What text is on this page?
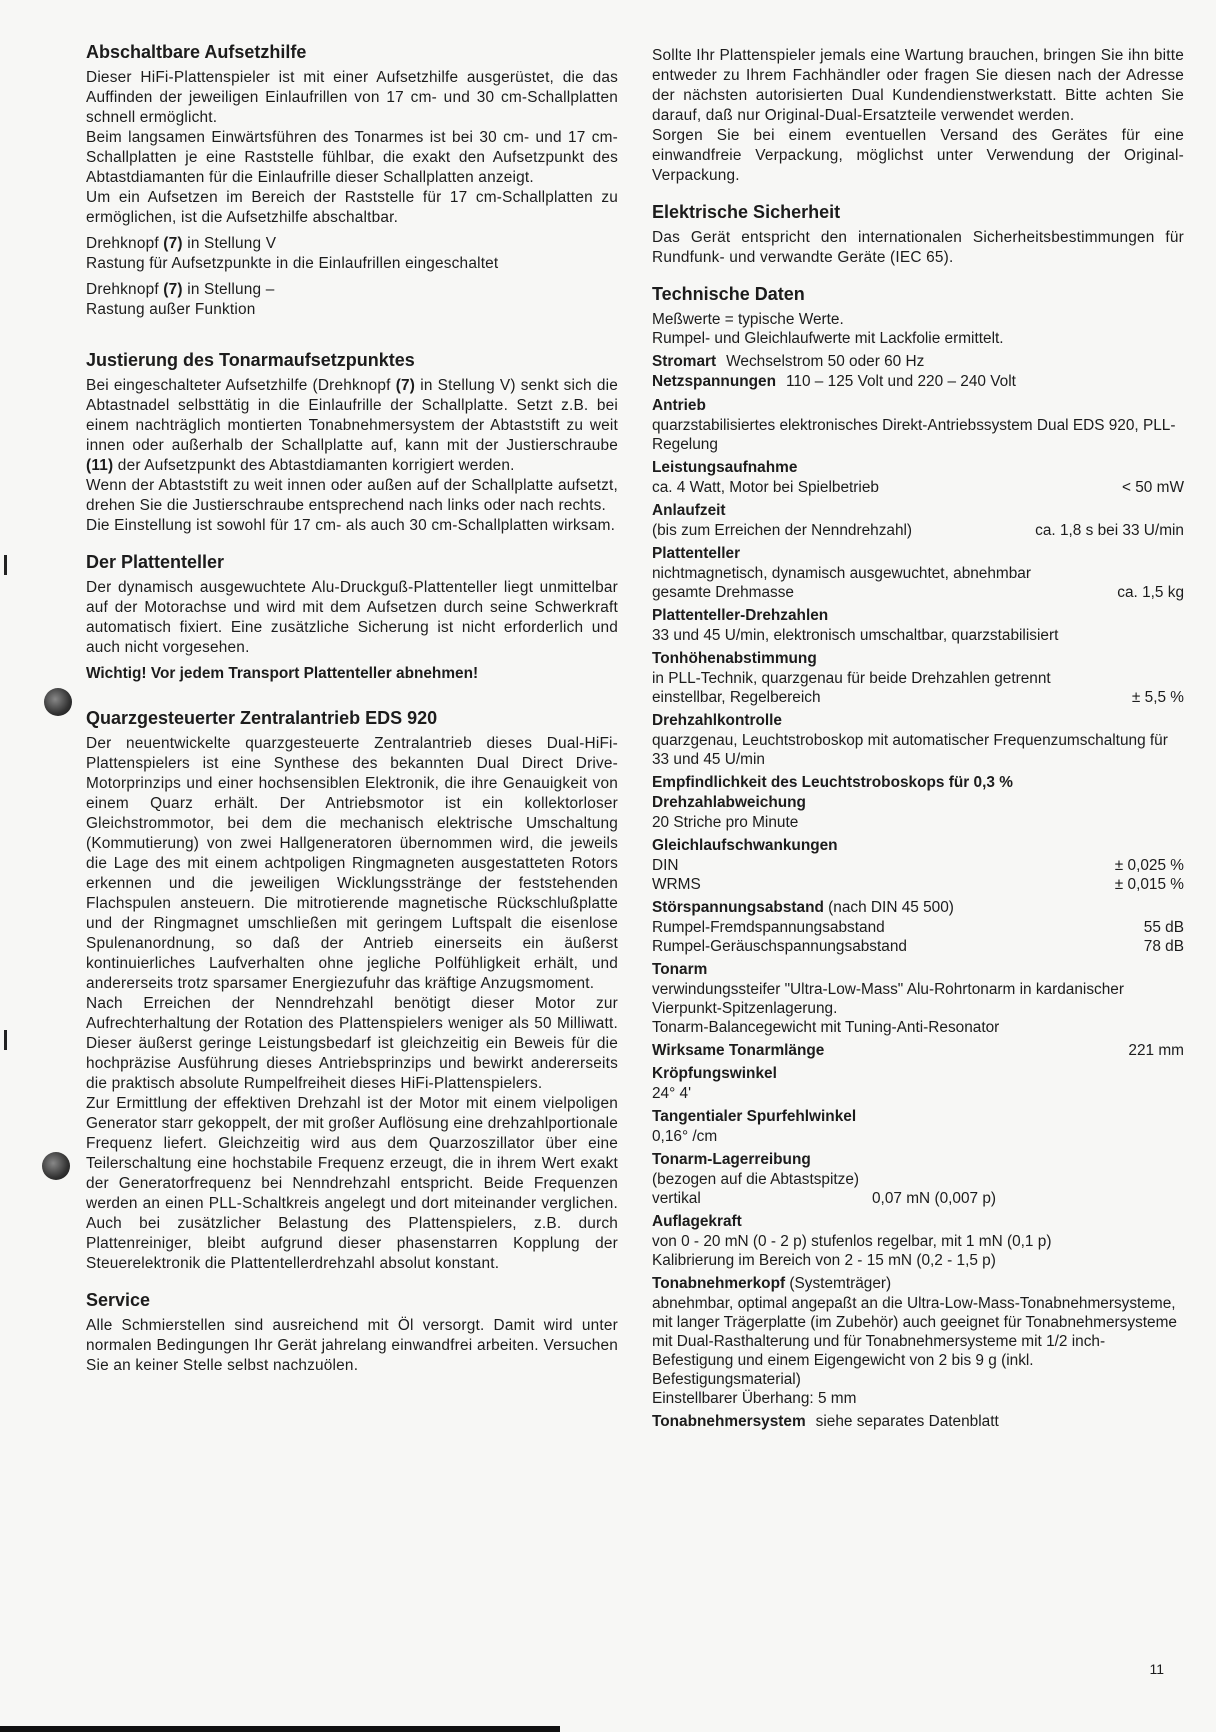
Abschaltbare Aufsetzhilfe

Dieser HiFi-Plattenspieler ist mit einer Aufsetzhilfe ausgerüstet, die das Auffinden der jeweiligen Einlaufrillen von 17 cm- und 30 cm-Schallplatten schnell ermöglicht.

Beim langsamen Einwärtsführen des Tonarmes ist bei 30 cm- und 17 cm-Schallplatten je eine Raststelle fühlbar, die exakt den Aufsetzpunkt des Abtastdiamanten für die Einlaufrille dieser Schallplatten anzeigt.

Um ein Aufsetzen im Bereich der Raststelle für 17 cm-Schallplatten zu ermöglichen, ist die Aufsetzhilfe abschaltbar.

Drehknopf (7) in Stellung V

Rastung für Aufsetzpunkte in die Einlaufrillen eingeschaltet

Drehknopf (7) in Stellung –

Rastung außer Funktion

Justierung des Tonarmaufsetzpunktes

Bei eingeschalteter Aufsetzhilfe (Drehknopf (7) in Stellung V) senkt sich die Abtastnadel selbsttätig in die Einlaufrille der Schallplatte. Setzt z.B. bei einem nachträglich montierten Tonabnehmersystem der Abtaststift zu weit innen oder außerhalb der Schallplatte auf, kann mit der Justierschraube (11) der Aufsetzpunkt des Abtastdiamanten korrigiert werden.

Wenn der Abtaststift zu weit innen oder außen auf der Schallplatte aufsetzt, drehen Sie die Justierschraube entsprechend nach links oder nach rechts.

Die Einstellung ist sowohl für 17 cm- als auch 30 cm-Schallplatten wirksam.

Der Plattenteller

Der dynamisch ausgewuchtete Alu-Druckguß-Plattenteller liegt unmittelbar auf der Motorachse und wird mit dem Aufsetzen durch seine Schwerkraft automatisch fixiert. Eine zusätzliche Sicherung ist nicht erforderlich und auch nicht vorgesehen.

Wichtig! Vor jedem Transport Plattenteller abnehmen!

Quarzgesteuerter Zentralantrieb EDS 920

Der neuentwickelte quarzgesteuerte Zentralantrieb dieses Dual-HiFi-Plattenspielers ist eine Synthese des bekannten Dual Direct Drive-Motorprinzips und einer hochsensiblen Elektronik, die ihre Genauigkeit von einem Quarz erhält. Der Antriebsmotor ist ein kollektorloser Gleichstrommotor, bei dem die mechanisch elektrische Umschaltung (Kommutierung) von zwei Hallgeneratoren übernommen wird, die jeweils die Lage des mit einem achtpoligen Ringmagneten ausgestatteten Rotors erkennen und die jeweiligen Wicklungsstränge der feststehenden Flachspulen ansteuern. Die mitrotierende magnetische Rückschlußplatte und der Ringmagnet umschließen mit geringem Luftspalt die eisenlose Spulenanordnung, so daß der Antrieb einerseits ein äußerst kontinuierliches Laufverhalten ohne jegliche Polfühligkeit erhält, und andererseits trotz sparsamer Energiezufuhr das kräftige Anzugsmoment.

Nach Erreichen der Nenndrehzahl benötigt dieser Motor zur Aufrechterhaltung der Rotation des Plattenspielers weniger als 50 Milliwatt. Dieser äußerst geringe Leistungsbedarf ist gleichzeitig ein Beweis für die hochpräzise Ausführung dieses Antriebsprinzips und bewirkt andererseits die praktisch absolute Rumpelfreiheit dieses HiFi-Plattenspielers.

Zur Ermittlung der effektiven Drehzahl ist der Motor mit einem vielpoligen Generator starr gekoppelt, der mit großer Auflösung eine drehzahlportionale Frequenz liefert. Gleichzeitig wird aus dem Quarzoszillator über eine Teilerschaltung eine hochstabile Frequenz erzeugt, die in ihrem Wert exakt der Generatorfrequenz bei Nenndrehzahl entspricht. Beide Frequenzen werden an einen PLL-Schaltkreis angelegt und dort miteinander verglichen. Auch bei zusätzlicher Belastung des Plattenspielers, z.B. durch Plattenreiniger, bleibt aufgrund dieser phasenstarren Kopplung der Steuerelektronik die Plattentellerdrehzahl absolut konstant.

Service

Alle Schmierstellen sind ausreichend mit Öl versorgt. Damit wird unter normalen Bedingungen Ihr Gerät jahrelang einwandfrei arbeiten. Versuchen Sie an keiner Stelle selbst nachzuölen.

Sollte Ihr Plattenspieler jemals eine Wartung brauchen, bringen Sie ihn bitte entweder zu Ihrem Fachhändler oder fragen Sie diesen nach der Adresse der nächsten autorisierten Dual Kundendienstwerkstatt. Bitte achten Sie darauf, daß nur Original-Dual-Ersatzteile verwendet werden.

Sorgen Sie bei einem eventuellen Versand des Gerätes für eine einwandfreie Verpackung, möglichst unter Verwendung der Original-Verpackung.

Elektrische Sicherheit

Das Gerät entspricht den internationalen Sicherheitsbestimmungen für Rundfunk- und verwandte Geräte (IEC 65).

Technische Daten

Meßwerte = typische Werte.

Rumpel- und Gleichlaufwerte mit Lackfolie ermittelt.

Stromart Wechselstrom 50 oder 60 Hz

Netzspannungen 110 – 125 Volt und 220 – 240 Volt

Antrieb

quarzstabilisiertes elektronisches Direkt-Antriebssystem Dual EDS 920, PLL-Regelung

Leistungsaufnahme

ca. 4 Watt, Motor bei Spielbetrieb	< 50 mW

Anlaufzeit

(bis zum Erreichen der Nenndrehzahl)	ca. 1,8 s bei 33 U/min

Plattenteller

nichtmagnetisch, dynamisch ausgewuchtet, abnehmbar

gesamte Drehmasse	ca. 1,5 kg

Plattenteller-Drehzahlen

33 und 45 U/min, elektronisch umschaltbar, quarzstabilisiert

Tonhöhenabstimmung

in PLL-Technik, quarzgenau für beide Drehzahlen getrennt einstellbar, Regelbereich	± 5,5 %

Drehzahlkontrolle

quarzgenau, Leuchtstroboskop mit automatischer Frequenzumschaltung für 33 und 45 U/min

Empfindlichkeit des Leuchtstroboskops für 0,3 % Drehzahlabweichung

20 Striche pro Minute

Gleichlaufschwankungen

DIN	± 0,025 %
WRMS	± 0,015 %

Störspannungsabstand (nach DIN 45 500)

Rumpel-Fremdspannungsabstand	55 dB
Rumpel-Geräuschspannungsabstand	78 dB

Tonarm

verwindungssteifer "Ultra-Low-Mass" Alu-Rohrtonarm in kardanischer Vierpunkt-Spitzenlagerung.

Tonarm-Balancegewicht mit Tuning-Anti-Resonator

Wirksame Tonarmlänge	221 mm

Kröpfungswinkel

24° 4'

Tangentialer Spurfehlwinkel

0,16° /cm

Tonarm-Lagerreibung

(bezogen auf die Abtastspitze)

vertikal	0,07 mN (0,007 p)

Auflagekraft

von 0 - 20 mN (0 - 2 p) stufenlos regelbar, mit 1 mN (0,1 p)

Kalibrierung im Bereich von 2 - 15 mN (0,2 - 1,5 p)

Tonabnehmerkopf (Systemträger)

abnehmbar, optimal angepaßt an die Ultra-Low-Mass-Tonabnehmersysteme,

mit langer Trägerplatte (im Zubehör) auch geeignet für Tonabnehmersysteme mit Dual-Rasthalterung und für Tonabnehmersysteme mit 1/2 inch-Befestigung und einem Eigengewicht von 2 bis 9 g (inkl. Befestigungsmaterial)

Einstellbarer Überhang: 5 mm

Tonabnehmersystem siehe separates Datenblatt

11
